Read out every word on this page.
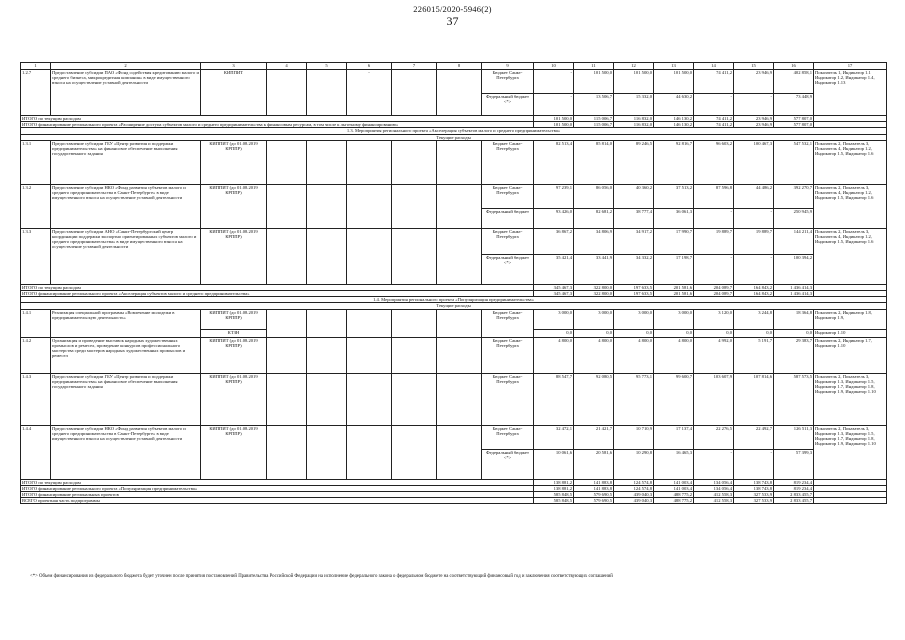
226015/2020-5946(2)
37
1	2	3	4	5	6	7	8	9	10	11	12	13	14	15	16	17
1.2.7	Предоставление субсидии ПАО «Фонд содействия кредитованию малого и среднего бизнеса, микрокредитная компания» в виде имущественного взноса на осуществление уставной деятельности	КИППИТ			-			Бюджет Санкт-Петербурга	-	101 500,0	101 500,0	101 500,0	74 411,2	23 946,9	402 858,1	Показатель 1, Индикатор 1.1 Индикатор 1.2, Индикатор 1.4, Индикатор 1.13
								Федеральный бюджет <*>	-	13 506,7	15 332,0	44 630,2	-	-	73 448,9	
ИТОГО по текущим расходам									101 500,0	115 006,7	116 832,0	146 130,2	74 411,2	23 946,9	577 807,0	
ИТОГО финансирование регионального проекта «Расширение доступа субъектов малого и среднего предпринимательства к финансовым ресурсам, в том числе к льготному финансированию»									101 500,0	115 006,7	116 832,0	146 130,2	74 411,2	23 946,9	577 807,0	
1.3. Мероприятия регионального проекта «Акселерация субъектов малого и среднего предпринимательства»																
Текущие расходы																
1.3.1	Предоставление субсидии ГБУ «Центр развития и поддержки предпринимательства» на финансовое обеспечение выполнения государственного задания	КИППИТ (до 01.08.2019 КРППР)						Бюджет Санкт-Петербурга	82 513,4	85 814,0	89 246,5	92 816,7	96 603,2	100 467,3	547 532,1	Показатель 2, Показатель 3, Показатель 4, Индикатор 1.2, Индикатор 1.5, Индикатор 1.6
1.3.2	Предоставление субсидии НКО «Фонд развития субъектов малого и среднего предпринимательства в Санкт-Петербурге» в виде имущественного взноса на осуществление уставной деятельности	КИППИТ (до 01.08.2019 КРППР)						Бюджет Санкт-Петербурга	97 239,1	86 056,0	40 360,2	37 513,2	87 596,8	44 486,2	392 270,7	Показатель 2, Показатель 3, Показатель 4, Индикатор 1.2, Индикатор 1.5, Индикатор 1.6
								Федеральный бюджет	93 426,0	82 681,2	38 777,4	36 061,3	-	-	250 945,9	
1.3.3	Предоставление субсидии АНО «Санкт-Петербургский центр координации поддержки экспортно ориентированных субъектов малого и среднего предпринимательства» в виде имущественного взноса на осуществление уставной деятельности	КИППИТ (до 01.08.2019 КРППР)						Бюджет Санкт-Петербурга	36 867,2	34 806,9	34 917,2	17 990,7	19 889,7	19 889,7	144 211,4	Показатель 2, Показатель 3, Показатель 4, Индикатор 1.2, Индикатор 1.5, Индикатор 1.6
								Федеральный бюджет <*>	35 421,4	33 441,9	34 332,2	17 198,7	-	-	100 394,2	
ИТОГО по текущим расходам									345 467,3	322 800,0	197 633,5	201 581,6	204 089,7	164 843,2	1 436 414,3	
ИТОГО финансирование регионального проекта «Акселерация субъектов малого и среднего предпринимательства»									345 467,3	322 800,0	197 633,5	201 581,6	204 089,7	164 843,2	1 436 414,3	
1.4. Мероприятия регионального проекта «Популяризация предпринимательства»																
Текущие расходы																
1.4.1	Реализация специальной программы «Вовлечение молодежи в предпринимательскую деятельность»	КИППИТ (до 01.08.2019 КРППР)						Бюджет Санкт-Петербурга	3 000,0	3 000,0	3 000,0	3 000,0	3 120,0	3 244,8	18 364,8	Показатель 2, Индикатор 1.8, Индикатор 1.9,
		КТЗН							0,0	0,0	0,0	0,0	0,0	0,0	0,0	Индикатор 1.10
1.4.2	Организация и проведение выставок народных художественных промыслов и ремесел, проведение конкурсов профессионального мастерства среди мастеров народных художественных промыслов и ремесел	КИППИТ (до 01.08.2019 КРППР)						Бюджет Санкт-Петербурга	4 800,0	4 800,0	4 800,0	4 800,0	4 992,0	5 191,7	29 383,7	Показатель 2, Индикатор 1.7, Индикатор 1.10
1.4.3	Предоставление субсидии ГБУ «Центр развития и поддержки предпринимательства» на финансовое обеспечение выполнения государственного задания	КИППИТ (до 01.08.2019 КРППР)						Бюджет Санкт-Петербурга	88 547,7	92 080,5	95 773,1	99 600,7	103 607,9	107 814,6	587 573,5	Показатель 2, Показатель 3, Индикатор 1.3, Индикатор 1.5, Индикатор 1.7, Индикатор 1.8, Индикатор 1.9, Индикатор 1.10
1.4.4	Предоставление субсидии НКО «Фонд развития субъектов малого и среднего предпринимательства в Санкт-Петербурге» в виде имущественного взноса на осуществление уставной деятельности	КИППИТ (до 01.08.2019 КРППР)						Бюджет Санкт-Петербурга	32 472,1	21 421,7	10 710,9	17 137,4	22 276,5	22 492,7	126 511,3	Показатель 2, Показатель 3, Индикатор 1.3, Индикатор 1.5, Индикатор 1.7, Индикатор 1.8, Индикатор 1.9, Индикатор 1.10
								Федеральный бюджет <*>	10 061,6	20 581,6	10 290,8	16 465,3	-	-	57 399,3	
ИТОГО по текущим расходам									138 881,2	141 883,8	124 574,8	141 003,4	134 056,4	138 743,8	819 234,4	
ИТОГО финансирование регионального проекта «Популяризация предпринимательства»									138 881,2	141 883,8	124 574,8	141 003,4	134 056,4	138 743,8	819 234,4	
ИТОГО финансирование региональных проектов									585 848,5	579 690,5	439 040,3	488 775,2	412 558,3	327 533,9	2 833 455,7	
ВСЕГО проектная часть подпрограммы									585 848,5	579 690,5	439 040,3	488 775,2	412 558,3	327 533,9	2 833 455,7	
<*> Объем финансирования из федерального бюджета будет уточнен после принятия постановлений Правительства Российской Федерации на исполнение федерального закона о федеральном бюджете на соответствующий финансовый год и заключения соответствующих соглашений
